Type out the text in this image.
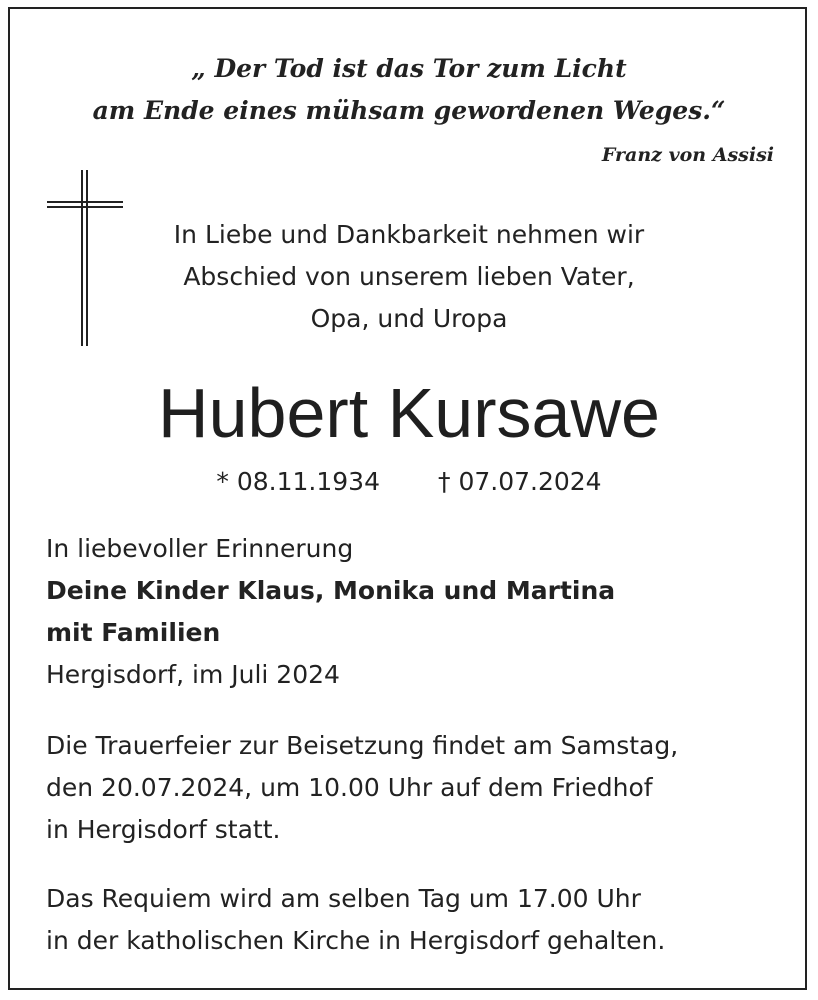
„ Der Tod ist das Tor zum Licht
am Ende eines mühsam gewordenen Weges.“
Franz von Assisi
In Liebe und Dankbarkeit nehmen wir
Abschied von unserem lieben Vater,
Opa, und Uropa
Hubert Kursawe
* 08.11.1934 † 07.07.2024
In liebevoller Erinnerung
Deine Kinder Klaus, Monika und Martina
mit Familien
Hergisdorf, im Juli 2024
Die Trauerfeier zur Beisetzung findet am Samstag,
den 20.07.2024, um 10.00 Uhr auf dem Friedhof
in Hergisdorf statt.
Das Requiem wird am selben Tag um 17.00 Uhr
in der katholischen Kirche in Hergisdorf gehalten.
